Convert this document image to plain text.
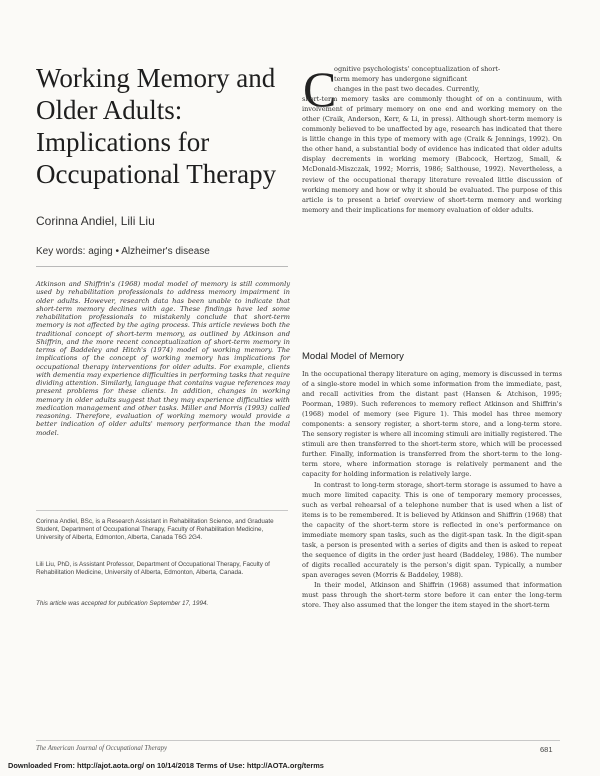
Working Memory and
Older Adults:
Implications for
Occupational Therapy
Corinna Andiel, Lili Liu
Key words: aging • Alzheimer's disease
Atkinson and Shiffrin's (1968) modal model of memory is still commonly used by rehabilitation professionals to address memory impairment in older adults. However, research data has been unable to indicate that short-term memory declines with age. These findings have led some rehabilitation professionals to mistakenly conclude that short-term memory is not affected by the aging process. This article reviews both the traditional concept of short-term memory, as outlined by Atkinson and Shiffrin, and the more recent conceptualization of short-term memory in terms of Baddeley and Hitch's (1974) model of working memory. The implications of the concept of working memory has implications for occupational therapy interventions for older adults. For example, clients with dementia may experience difficulties in performing tasks that require dividing attention. Similarly, language that contains vague references may present problems for these clients. In addition, changes in working memory in older adults suggest that they may experience difficulties with medication management and other tasks. Miller and Morris (1993) called reasoning. Therefore, evaluation of working memory would provide a better indication of older adults' memory performance than the modal model.
Corinna Andiel, BSc, is a Research Assistant in Rehabilitation Science, and Graduate Student, Department of Occupational Therapy, Faculty of Rehabilitation Medicine, University of Alberta, Edmonton, Alberta, Canada T6G 2G4.
Lili Liu, PhD, is Assistant Professor, Department of Occupational Therapy, Faculty of Rehabilitation Medicine, University of Alberta, Edmonton, Alberta, Canada.
This article was accepted for publication September 17, 1994.
C

ognitive psychologists' conceptualization of short-

term memory has undergone significant

changes in the past two decades. Currently,

short-term memory tasks are commonly thought of on a continuum, with involvement of primary memory on one end and working memory on the other (Craik, Anderson, Kerr, & Li, in press). Although short-term memory is commonly believed to be unaffected by age, research has indicated that there is little change in this type of memory with age (Craik & Jennings, 1992). On the other hand, a substantial body of evidence has indicated that older adults display decrements in working memory (Babcock, Hertzog, Small, & McDonald-Miszczak, 1992; Morris, 1986; Salthouse, 1992). Nevertheless, a review of the occupational therapy literature revealed little discussion of working memory and how or why it should be evaluated. The purpose of this article is to present a brief overview of short-term memory and working memory and their implications for memory evaluation of older adults.

Modal Model of Memory

In the occupational therapy literature on aging, memory is discussed in terms of a single-store model in which some information from the immediate, past, and recall activities from the distant past (Hansen & Atchison, 1995; Poorman, 1989). Such references to memory reflect Atkinson and Shiffrin's (1968) model of memory (see Figure 1). This model has three memory components: a sensory register, a short-term store, and a long-term store. The sensory register is where all incoming stimuli are initially registered. The stimuli are then transferred to the short-term store, which will be processed further. Finally, information is transferred from the short-term to the long-term store, where information storage is relatively permanent and the capacity for holding information is relatively large.

In contrast to long-term storage, short-term storage is assumed to have a much more limited capacity. This is one of temporary memory processes, such as verbal rehearsal of a telephone number that is used when a list of items is to be remembered. It is believed by Atkinson and Shiffrin (1968) that the capacity of the short-term store is reflected in one's performance on immediate memory span tasks, such as the digit-span task. In the digit-span task, a person is presented with a series of digits and then is asked to repeat the sequence of digits in the order just heard (Baddeley, 1986). The number of digits recalled accurately is the person's digit span. Typically, a number span averages seven (Morris & Baddeley, 1988).

In their model, Atkinson and Shiffrin (1968) assumed that information must pass through the short-term store before it can enter the long-term store. They also assumed that the longer the item stayed in the short-term

The American Journal of Occupational Therapy	681
Downloaded From: http://ajot.aota.org/ on 10/14/2018 Terms of Use: http://AOTA.org/terms
